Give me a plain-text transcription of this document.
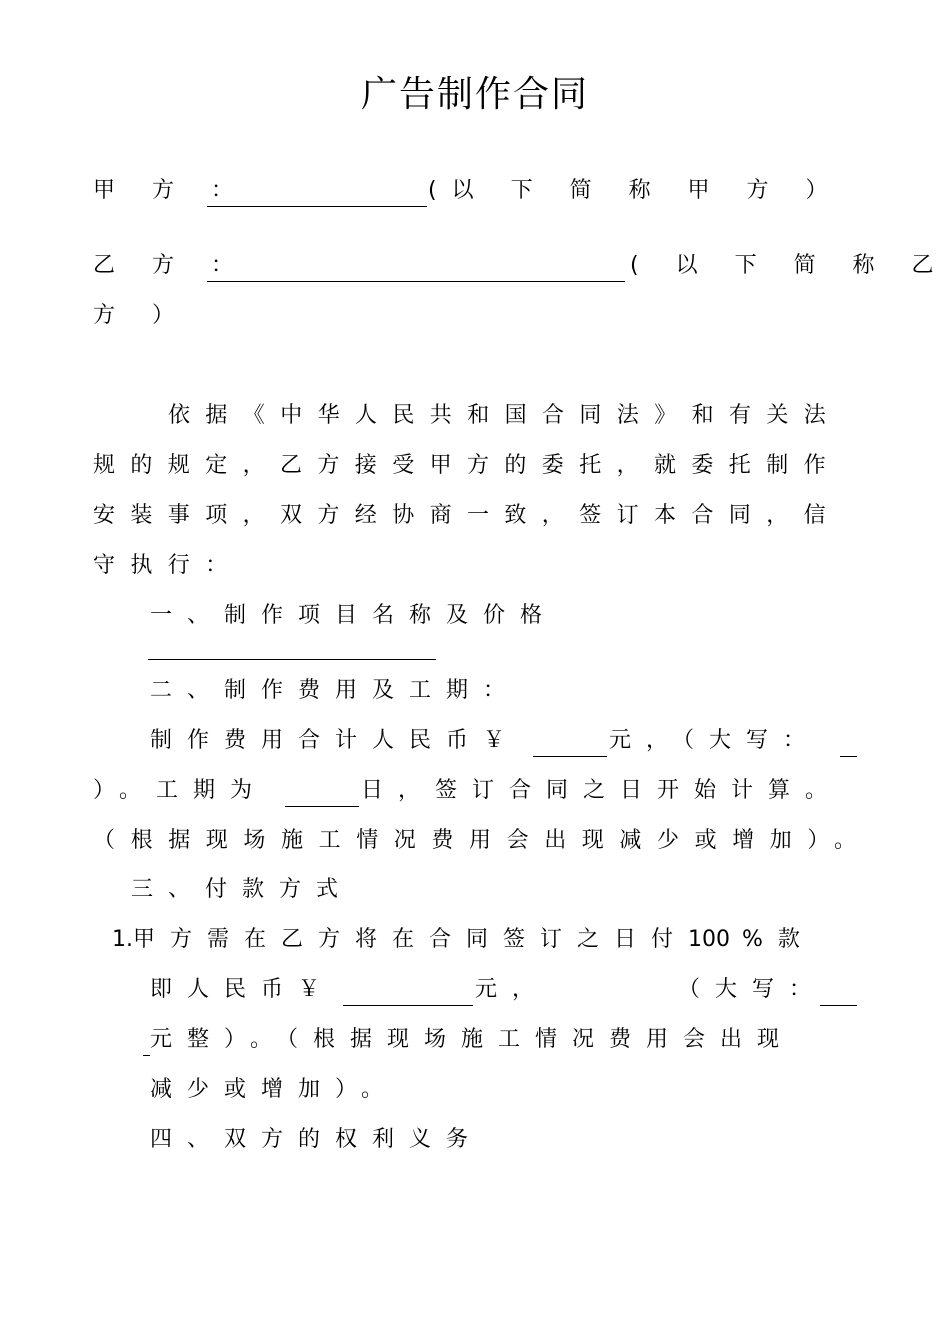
广告制作合同
甲 方 ：	(以 下 简 称 甲 方 ）
乙 方 ：	( 以 下 简 称 乙
方 ）
依据《中华人民共和国合同法》和有关法
规的规定，乙方接受甲方的委托，就委托制作
安装事项，双方经协商一致，签订本合同，信
守执行：
一、制作项目名称及价格
二、制作费用及工期：
制作费用合计人民币￥	元，（大写：
）。工期为	日，签订合同之日开始计算。
（根据现场施工情况费用会出现减少或增加）。
三、付款方式
1.甲方需在乙方将在合同签订之日付100 %款
即人民币￥	元，	（大写：
元整）。（根据现场施工情况费用会出现
减少或增加）。
四、双方的权利义务
